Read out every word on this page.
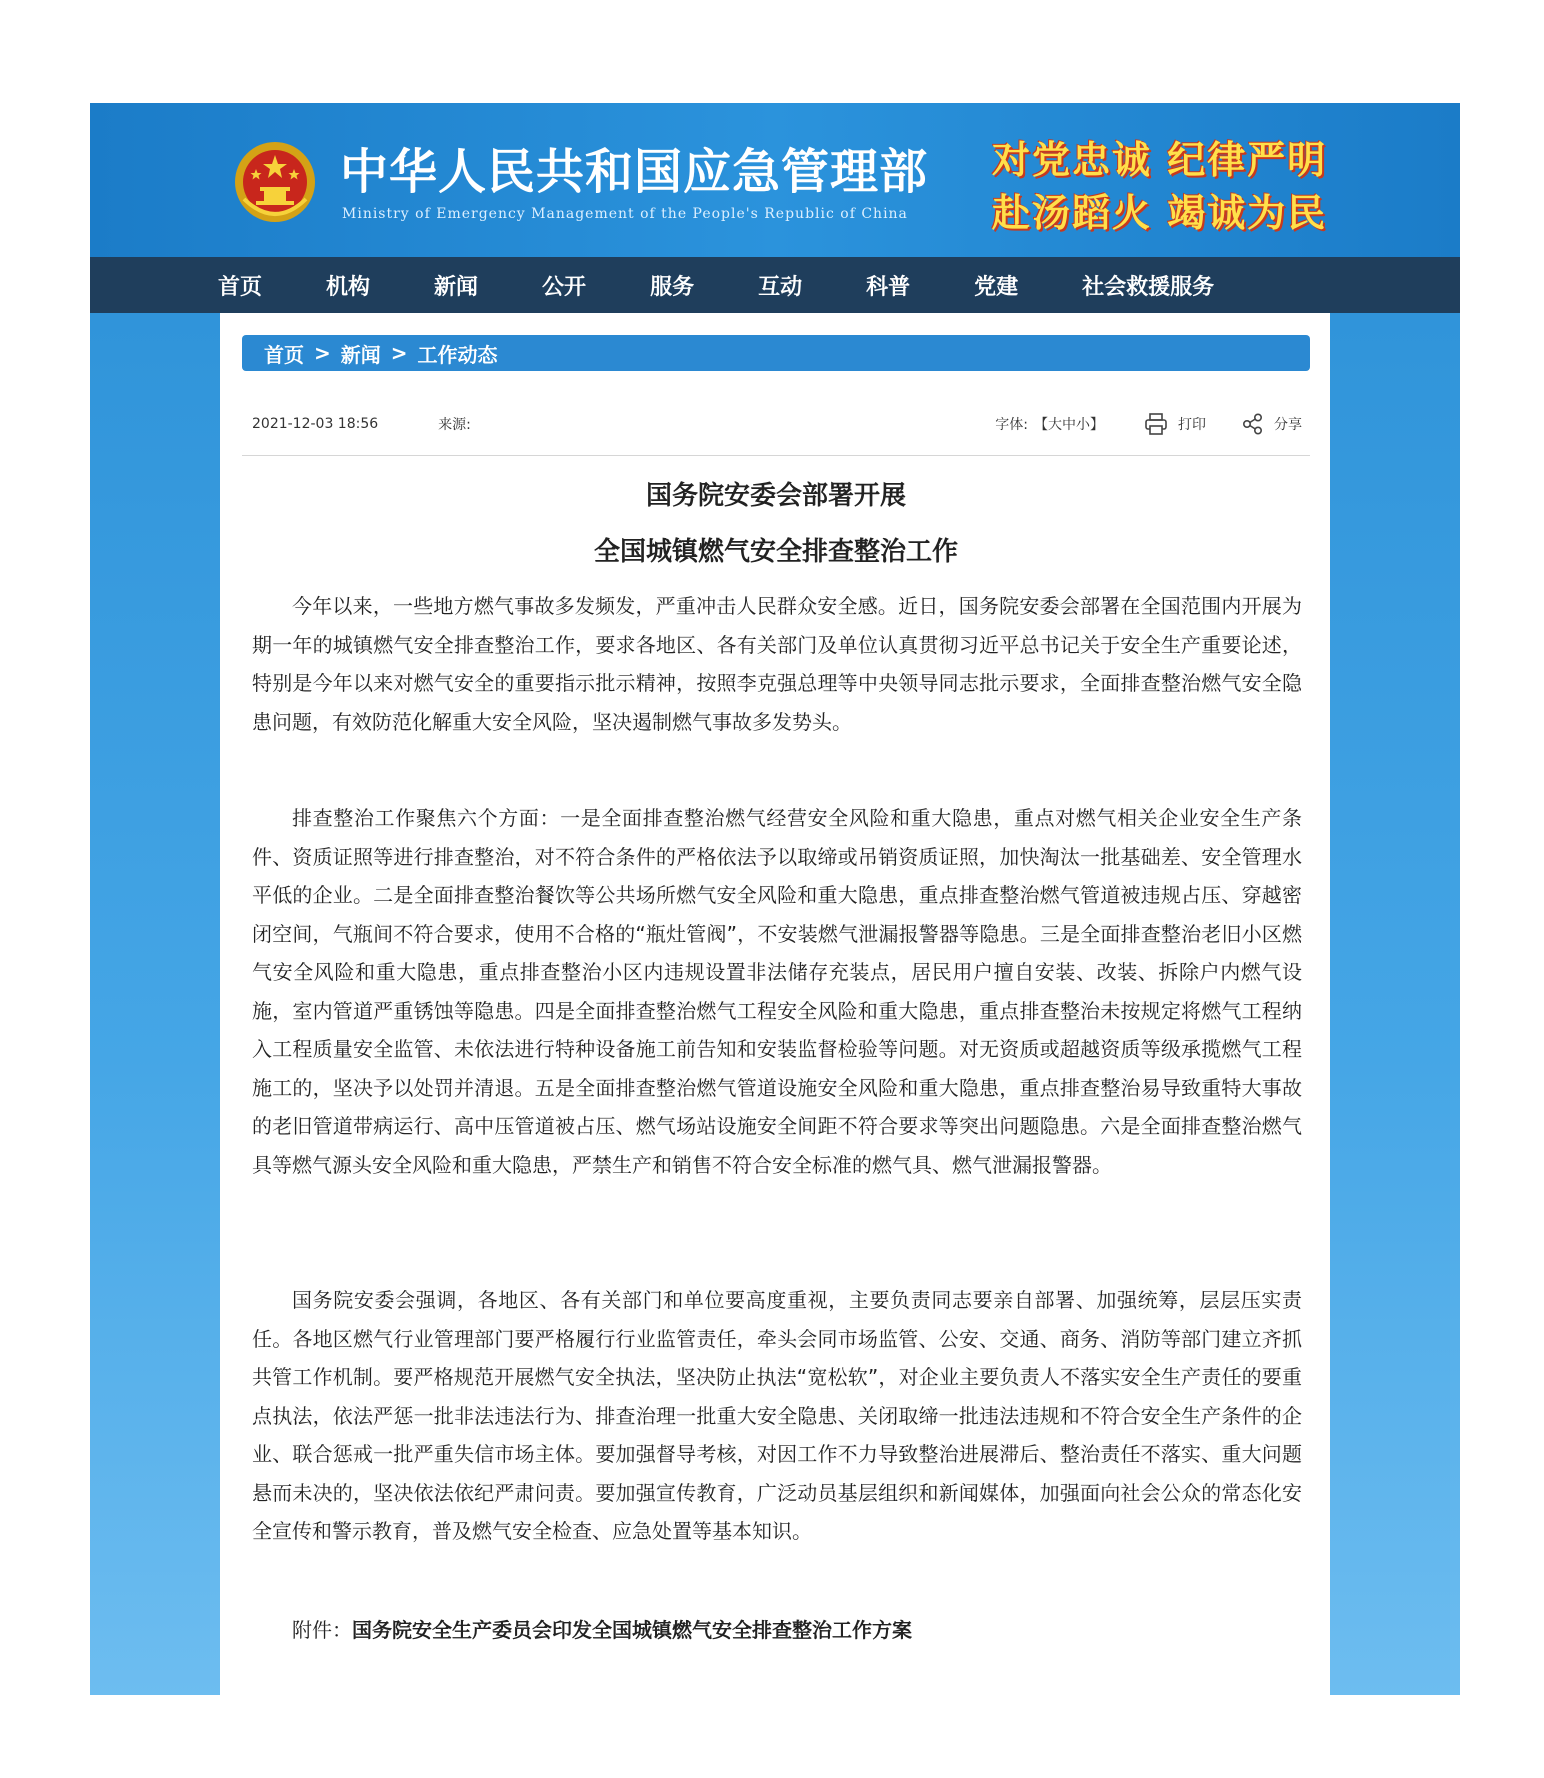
中华人民共和国应急管理部
Ministry of Emergency Management of the People's Republic of China
对党忠诚 纪律严明
赴汤蹈火 竭诚为民
首页	机构	新闻	公开	服务	互动	科普	党建	社会救援服务
首页 > 新闻 > 工作动态
2021-12-03 18:56	来源:	字体: 【大中小】	打印	分享
国务院安委会部署开展
全国城镇燃气安全排查整治工作

今年以来，一些地方燃气事故多发频发，严重冲击人民群众安全感。近日，国务院安委会部署在全国范围内开展为期一年的城镇燃气安全排查整治工作，要求各地区、各有关部门及单位认真贯彻习近平总书记关于安全生产重要论述，特别是今年以来对燃气安全的重要指示批示精神，按照李克强总理等中央领导同志批示要求，全面排查整治燃气安全隐患问题，有效防范化解重大安全风险，坚决遏制燃气事故多发势头。

排查整治工作聚焦六个方面：一是全面排查整治燃气经营安全风险和重大隐患，重点对燃气相关企业安全生产条件、资质证照等进行排查整治，对不符合条件的严格依法予以取缔或吊销资质证照，加快淘汰一批基础差、安全管理水平低的企业。二是全面排查整治餐饮等公共场所燃气安全风险和重大隐患，重点排查整治燃气管道被违规占压、穿越密闭空间，气瓶间不符合要求，使用不合格的“瓶灶管阀”，不安装燃气泄漏报警器等隐患。三是全面排查整治老旧小区燃气安全风险和重大隐患，重点排查整治小区内违规设置非法储存充装点，居民用户擅自安装、改装、拆除户内燃气设施，室内管道严重锈蚀等隐患。四是全面排查整治燃气工程安全风险和重大隐患，重点排查整治未按规定将燃气工程纳入工程质量安全监管、未依法进行特种设备施工前告知和安装监督检验等问题。对无资质或超越资质等级承揽燃气工程施工的，坚决予以处罚并清退。五是全面排查整治燃气管道设施安全风险和重大隐患，重点排查整治易导致重特大事故的老旧管道带病运行、高中压管道被占压、燃气场站设施安全间距不符合要求等突出问题隐患。六是全面排查整治燃气具等燃气源头安全风险和重大隐患，严禁生产和销售不符合安全标准的燃气具、燃气泄漏报警器。

国务院安委会强调，各地区、各有关部门和单位要高度重视，主要负责同志要亲自部署、加强统筹，层层压实责任。各地区燃气行业管理部门要严格履行行业监管责任，牵头会同市场监管、公安、交通、商务、消防等部门建立齐抓共管工作机制。要严格规范开展燃气安全执法，坚决防止执法“宽松软”，对企业主要负责人不落实安全生产责任的要重点执法，依法严惩一批非法违法行为、排查治理一批重大安全隐患、关闭取缔一批违法违规和不符合安全生产条件的企业、联合惩戒一批严重失信市场主体。要加强督导考核，对因工作不力导致整治进展滞后、整治责任不落实、重大问题悬而未决的，坚决依法依纪严肃问责。要加强宣传教育，广泛动员基层组织和新闻媒体，加强面向社会公众的常态化安全宣传和警示教育，普及燃气安全检查、应急处置等基本知识。

附件：国务院安全生产委员会印发全国城镇燃气安全排查整治工作方案
